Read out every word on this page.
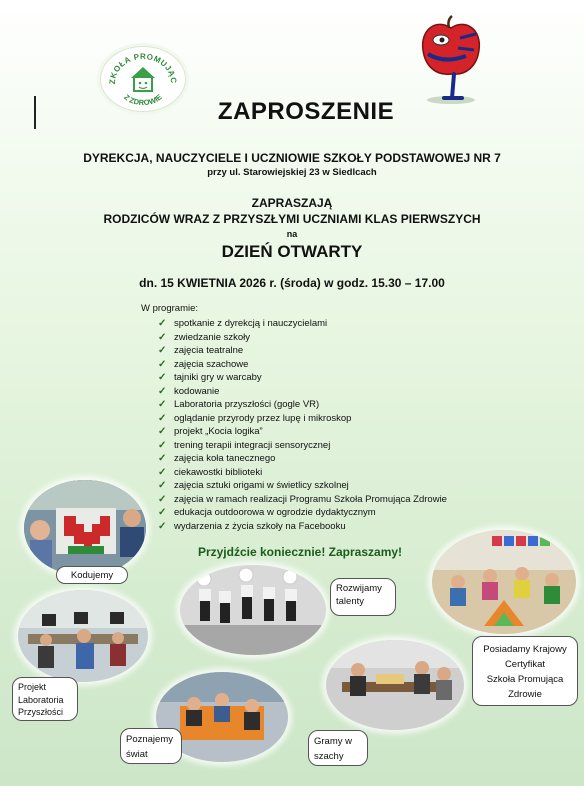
ZKOŁA PROMUJĄC
Z ZDROWIE
ZAPROSZENIE
DYREKCJA, NAUCZYCIELE I UCZNIOWIE SZKOŁY PODSTAWOWEJ NR 7
przy ul. Starowiejskiej 23 w Siedlcach
ZAPRASZAJĄ
RODZICÓW WRAZ Z PRZYSZŁYMI UCZNIAMI KLAS PIERWSZYCH
na
DZIEŃ OTWARTY
dn. 15 KWIETNIA 2026 r. (środa) w godz. 15.30 – 17.00
W programie:
✓ spotkanie z dyrekcją i nauczycielami
✓ zwiedzanie szkoły
✓ zajęcia teatralne
✓ zajęcia szachowe
✓ tajniki gry w warcaby
✓ kodowanie
✓ Laboratoria przyszłości (gogle VR)
✓ oglądanie przyrody przez lupę i mikroskop
✓ projekt „Kocia logika”
✓ trening terapii integracji sensorycznej
✓ zajęcia koła tanecznego
✓ ciekawostki biblioteki
✓ zajęcia sztuki origami w świetlicy szkolnej
✓ zajęcia w ramach realizacji Programu Szkoła Promująca Zdrowie
✓ edukacja outdoorowa w ogrodzie dydaktycznym
✓ wydarzenia z życia szkoły na Facebooku
Przyjdźcie koniecznie! Zapraszamy!
Kodujemy
Rozwijamy
talenty
Projekt
Laboratoria
Przyszłości
Posiadamy Krajowy
Certyfikat
Szkoła Promująca
Zdrowie
Poznajemy
świat
Gramy w
szachy
